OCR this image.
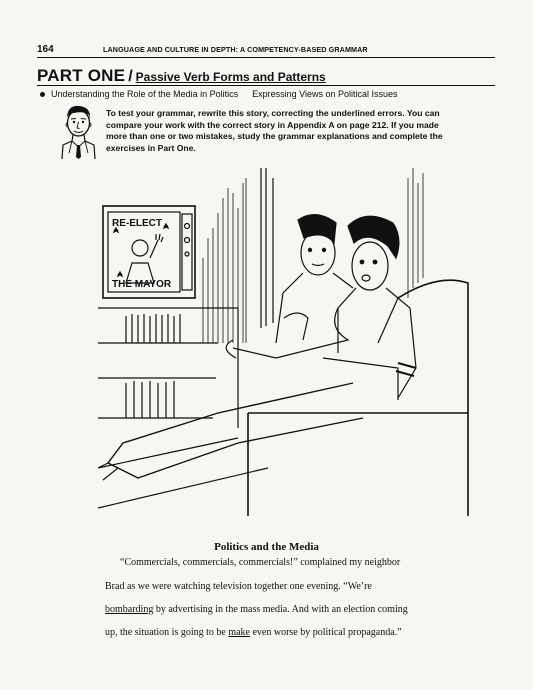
164	LANGUAGE AND CULTURE IN DEPTH: A COMPETENCY-BASED GRAMMAR
PART ONE / Passive Verb Forms and Patterns
Understanding the Role of the Media in Politics Expressing Views on Political Issues
To test your grammar, rewrite this story, correcting the underlined errors. You can compare your work with the correct story in Appendix A on page 212. If you made more than one or two mistakes, study the grammar explanations and complete the exercises in Part One.
RE-ELECT
THE MAYOR
Politics and the Media
“Commercials, commercials, commercials!” complained my neighbor
Brad as we were watching television together one evening. “We’re
bombarding by advertising in the mass media. And with an election coming
up, the situation is going to be make even worse by political propaganda.”
